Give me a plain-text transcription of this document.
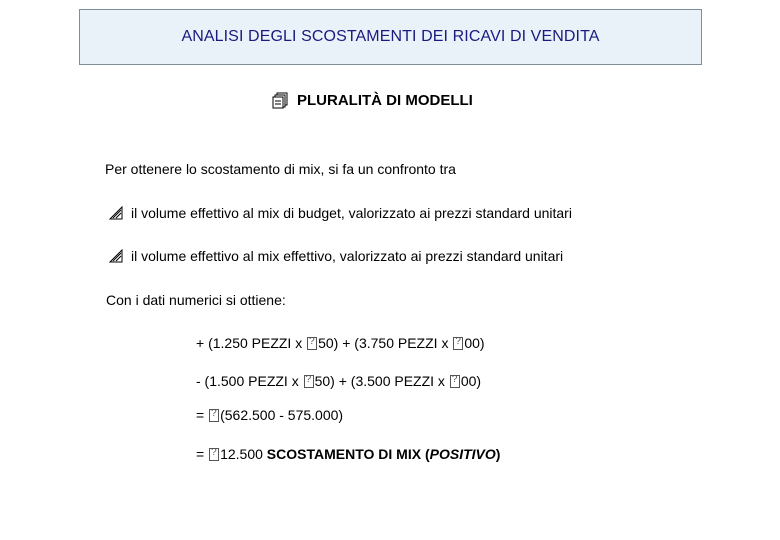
ANALISI DEGLI SCOSTAMENTI DEI RICAVI DI VENDITA
PLURALITÀ DI MODELLI
Per ottenere lo scostamento di mix, si fa un confronto tra
il volume effettivo al mix di budget, valorizzato ai prezzi standard unitari
il volume effettivo al mix effettivo, valorizzato ai prezzi standard unitari
Con i dati numerici si ottiene:
+ (1.250 PEZZI x ?50) + (3.750 PEZZI x ?00)
- (1.500 PEZZI x ?50) + (3.500 PEZZI x ?00)
= ?(562.500 - 575.000)
= ?12.500 SCOSTAMENTO DI MIX (POSITIVO)
